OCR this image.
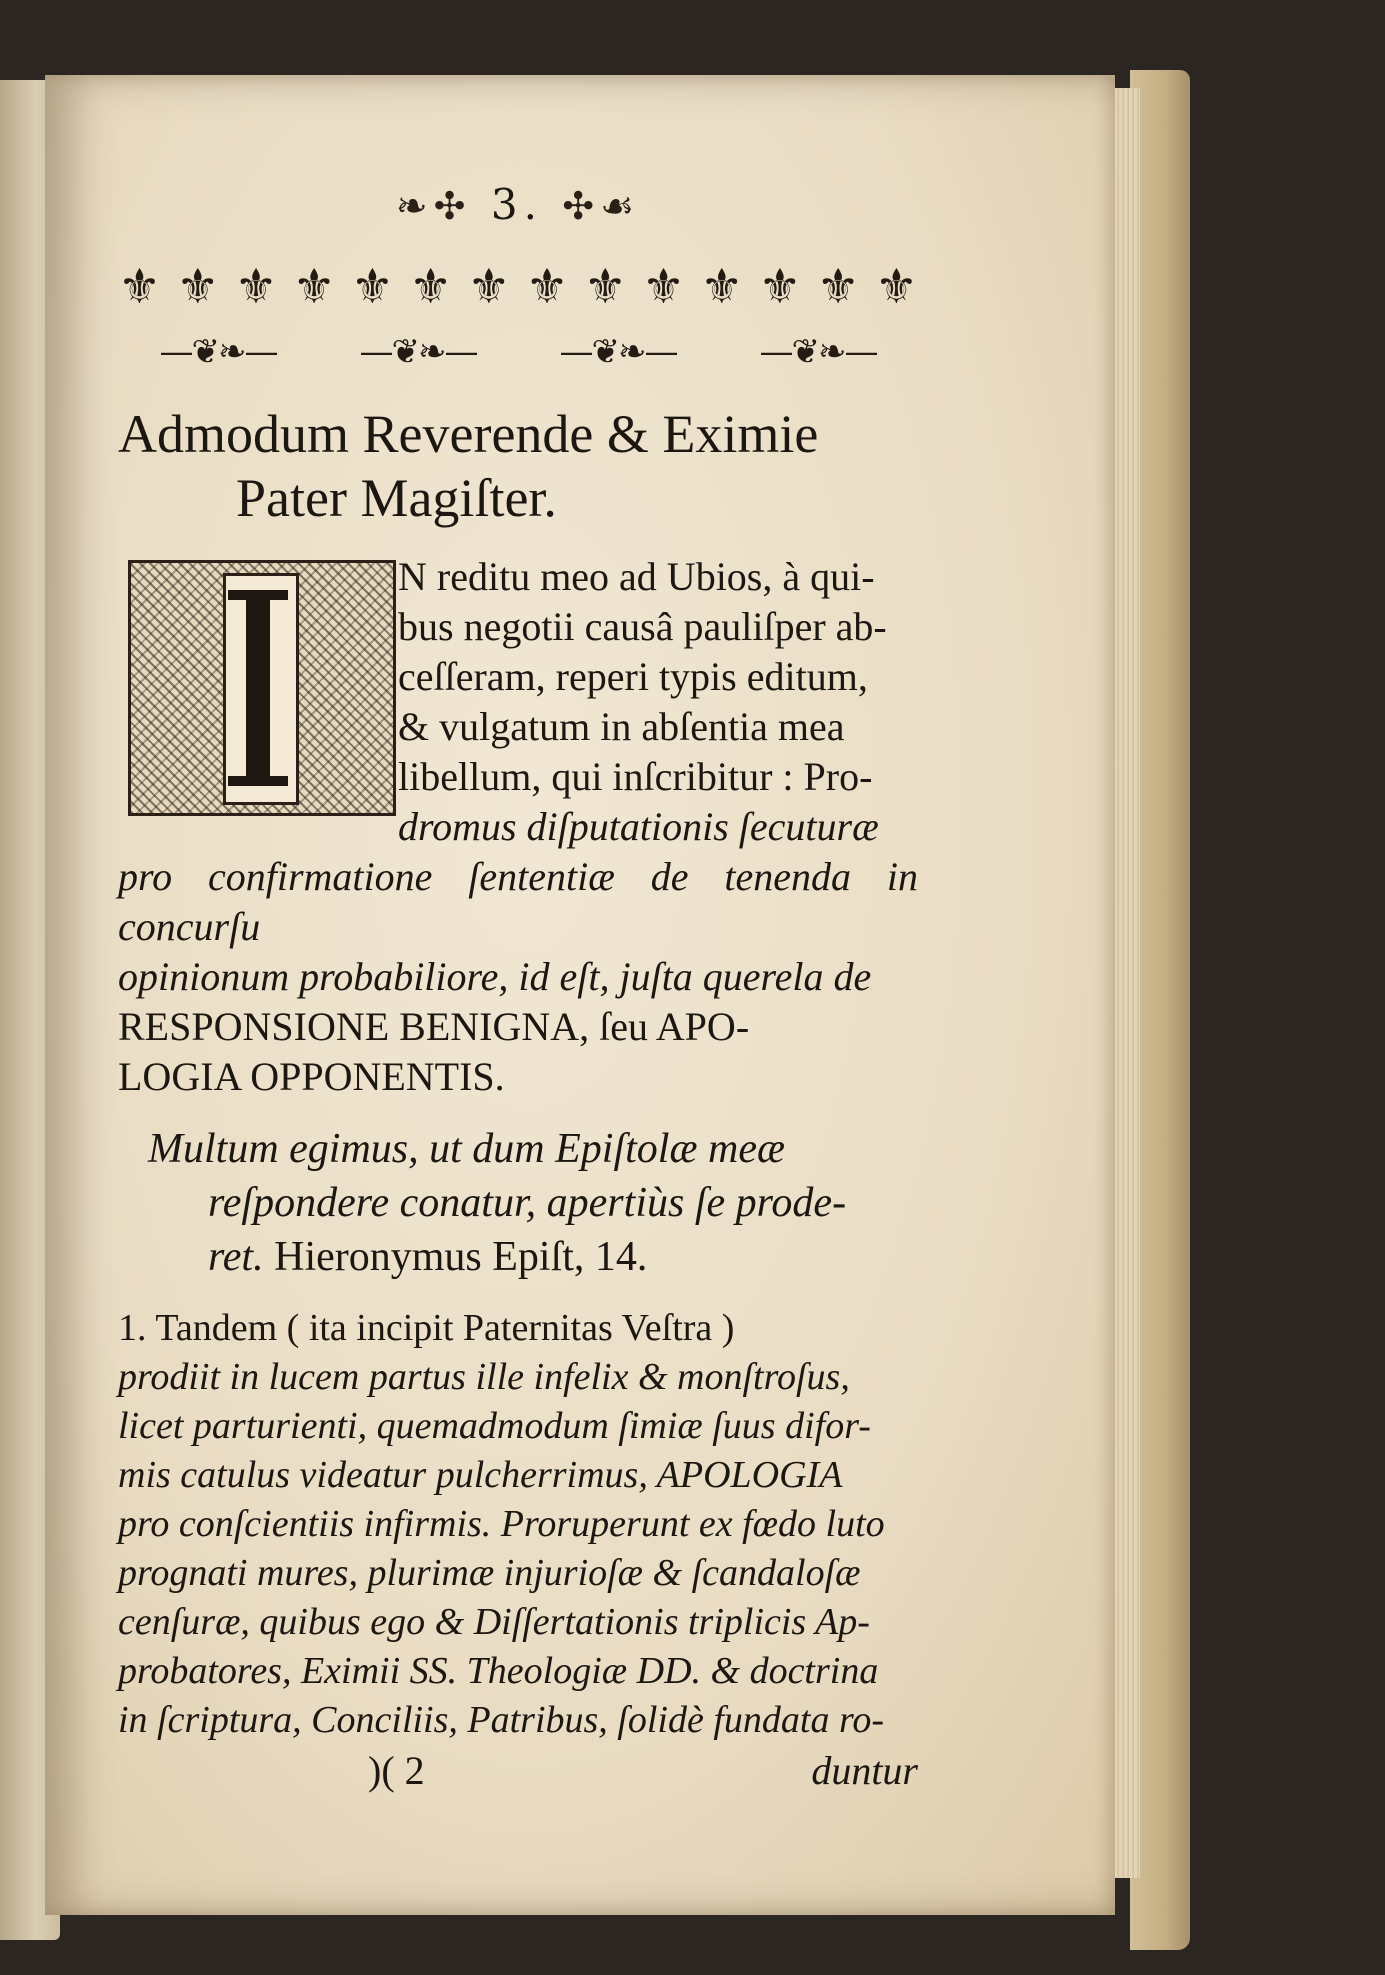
❧✣ 3. ✣☙
⚜ ⚜ ⚜ ⚜ ⚜ ⚜ ⚜ ⚜ ⚜ ⚜ ⚜ ⚜ ⚜ ⚜
—❦❧— —❦❧— —❦❧— —❦❧—
Admodum Reverende & Eximie
Pater Magiſter.
N reditu meo ad Ubios, à qui-
bus negotii causâ pauliſper ab-
ceſſeram, reperi typis editum,
& vulgatum in abſentia mea
libellum, qui inſcribitur : Pro-
dromus diſputationis ſecuturæ
pro confirmatione ſententiæ de tenenda in concurſu
opinionum probabiliore, id eſt, juſta querela de
RESPONSIONE BENIGNA, ſeu APO-
LOGIA OPPONENTIS.
Multum egimus, ut dum Epiſtolæ meæ
reſpondere conatur, apertiùs ſe prode-
ret. Hieronymus Epiſt, 14.
1. Tandem ( ita incipit Paternitas Veſtra )
prodiit in lucem partus ille infelix & monſtroſus,
licet parturienti, quemadmodum ſimiæ ſuus difor-
mis catulus videatur pulcherrimus, APOLOGIA
pro conſcientiis infirmis. Proruperunt ex fœdo luto
prognati mures, plurimæ injurioſæ & ſcandaloſæ
cenſuræ, quibus ego & Diſſertationis triplicis Ap-
probatores, Eximii SS. Theologiæ DD. & doctrina
in ſcriptura, Conciliis, Patribus, ſolidè fundata ro-
)( 2	duntur
